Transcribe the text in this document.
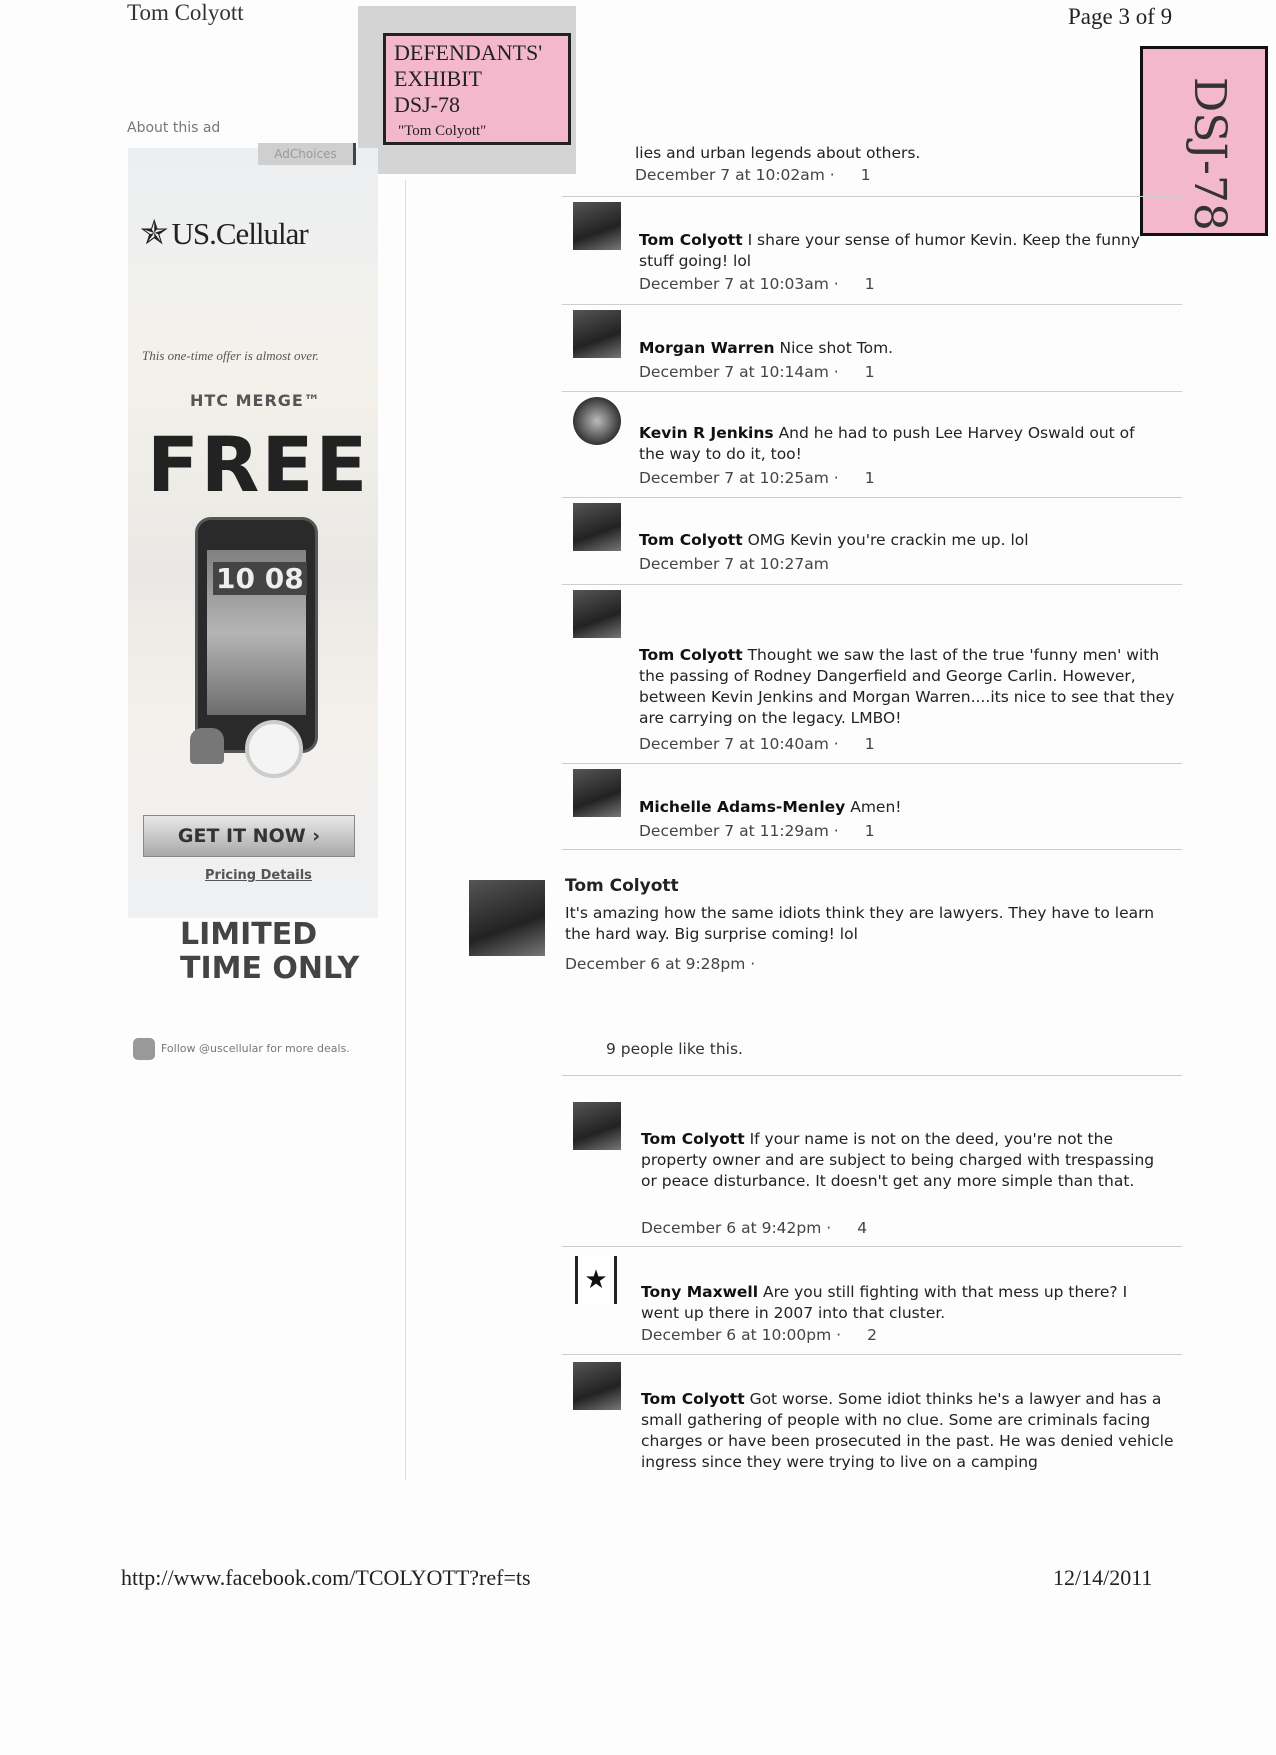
Tom Colyott	Page 3 of 9
DEFENDANTS'
EXHIBIT
DSJ-78
"Tom Colyott"	DSJ-78
About this ad
AdChoices
✯ US.Cellular
This one-time offer is almost over.
HTC MERGE™
FREE
10 08
GET IT NOW ›
Pricing Details
LIMITED
TIME ONLY
Follow @uscellular for more deals.
lies and urban legends about others.
December 7 at 10:02am · 1
Tom Colyott I share your sense of humor Kevin. Keep the funny stuff going! lol
December 7 at 10:03am · 1
Morgan Warren Nice shot Tom.
December 7 at 10:14am · 1
Kevin R Jenkins And he had to push Lee Harvey Oswald out of the way to do it, too!
December 7 at 10:25am · 1
Tom Colyott OMG Kevin you're crackin me up. lol
December 7 at 10:27am
Tom Colyott Thought we saw the last of the true 'funny men' with the passing of Rodney Dangerfield and George Carlin. However, between Kevin Jenkins and Morgan Warren....its nice to see that they are carrying on the legacy. LMBO!
December 7 at 10:40am · 1
Michelle Adams-Menley Amen!
December 7 at 11:29am · 1
Tom Colyott
It's amazing how the same idiots think they are lawyers. They have to learn the hard way. Big surprise coming! lol
December 6 at 9:28pm ·
9 people like this.
Tom Colyott If your name is not on the deed, you're not the property owner and are subject to being charged with trespassing or peace disturbance. It doesn't get any more simple than that.
December 6 at 9:42pm · 4
★	Tony Maxwell Are you still fighting with that mess up there? I went up there in 2007 into that cluster.
December 6 at 10:00pm · 2
Tom Colyott Got worse. Some idiot thinks he's a lawyer and has a small gathering of people with no clue. Some are criminals facing charges or have been prosecuted in the past. He was denied vehicle ingress since they were trying to live on a camping
http://www.facebook.com/TCOLYOTT?ref=ts	12/14/2011
